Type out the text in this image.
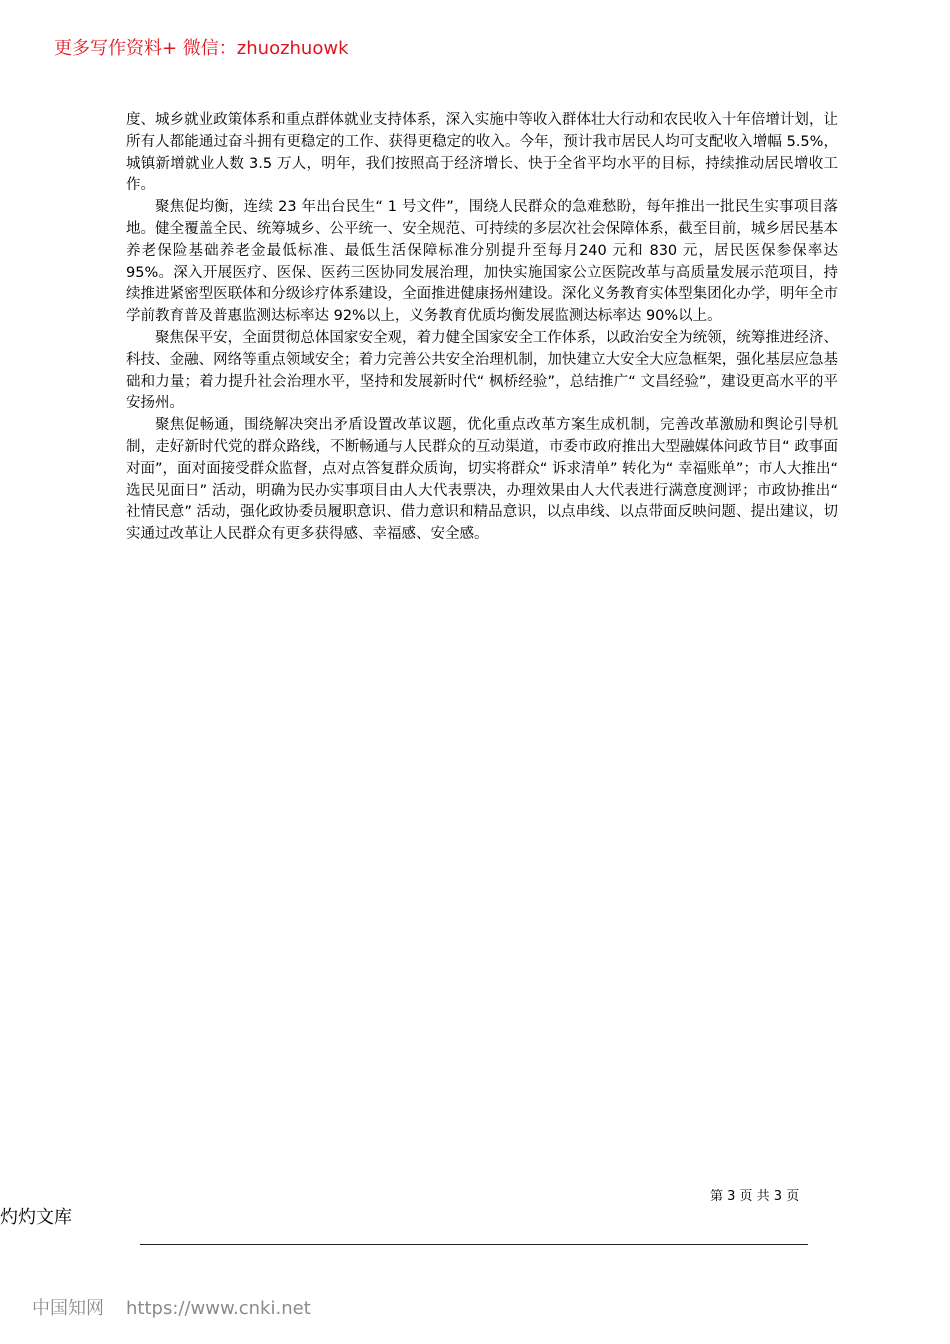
更多写作资料+ 微信：zhuozhuowk

度、城乡就业政策体系和重点群体就业支持体系，深入实施中等收入群体壮大行动和农民收入十年倍增计划，让所有人都能通过奋斗拥有更稳定的工作、获得更稳定的收入。今年，预计我市居民人均可支配收入增幅 5.5%，城镇新增就业人数 3.5 万人，明年，我们按照高于经济增长、快于全省平均水平的目标，持续推动居民增收工作。

聚焦促均衡，连续 23 年出台民生“ 1 号文件”，围绕人民群众的急难愁盼，每年推出一批民生实事项目落地。健全覆盖全民、统筹城乡、公平统一、安全规范、可持续的多层次社会保障体系，截至目前，城乡居民基本养老保险基础养老金最低标准、最低生活保障标准分别提升至每月240 元和 830 元，居民医保参保率达 95%。深入开展医疗、医保、医药三医协同发展治理，加快实施国家公立医院改革与高质量发展示范项目，持续推进紧密型医联体和分级诊疗体系建设，全面推进健康扬州建设。深化义务教育实体型集团化办学，明年全市学前教育普及普惠监测达标率达 92%以上，义务教育优质均衡发展监测达标率达 90%以上。

聚焦保平安，全面贯彻总体国家安全观，着力健全国家安全工作体系，以政治安全为统领，统筹推进经济、科技、金融、网络等重点领域安全；着力完善公共安全治理机制，加快建立大安全大应急框架，强化基层应急基础和力量；着力提升社会治理水平，坚持和发展新时代“ 枫桥经验”，总结推广“ 文昌经验”，建设更高水平的平安扬州。

聚焦促畅通，围绕解决突出矛盾设置改革议题，优化重点改革方案生成机制，完善改革激励和舆论引导机制，走好新时代党的群众路线，不断畅通与人民群众的互动渠道，市委市政府推出大型融媒体问政节目“ 政事面对面”，面对面接受群众监督，点对点答复群众质询，切实将群众“ 诉求清单” 转化为“ 幸福账单”；市人大推出“ 选民见面日” 活动，明确为民办实事项目由人大代表票决，办理效果由人大代表进行满意度测评；市政协推出“ 社情民意” 活动，强化政协委员履职意识、借力意识和精品意识，以点串线、以点带面反映问题、提出建议，切实通过改革让人民群众有更多获得感、幸福感、安全感。

第 3 页 共 3 页
灼灼文库
中国知网 https://www.cnki.net
